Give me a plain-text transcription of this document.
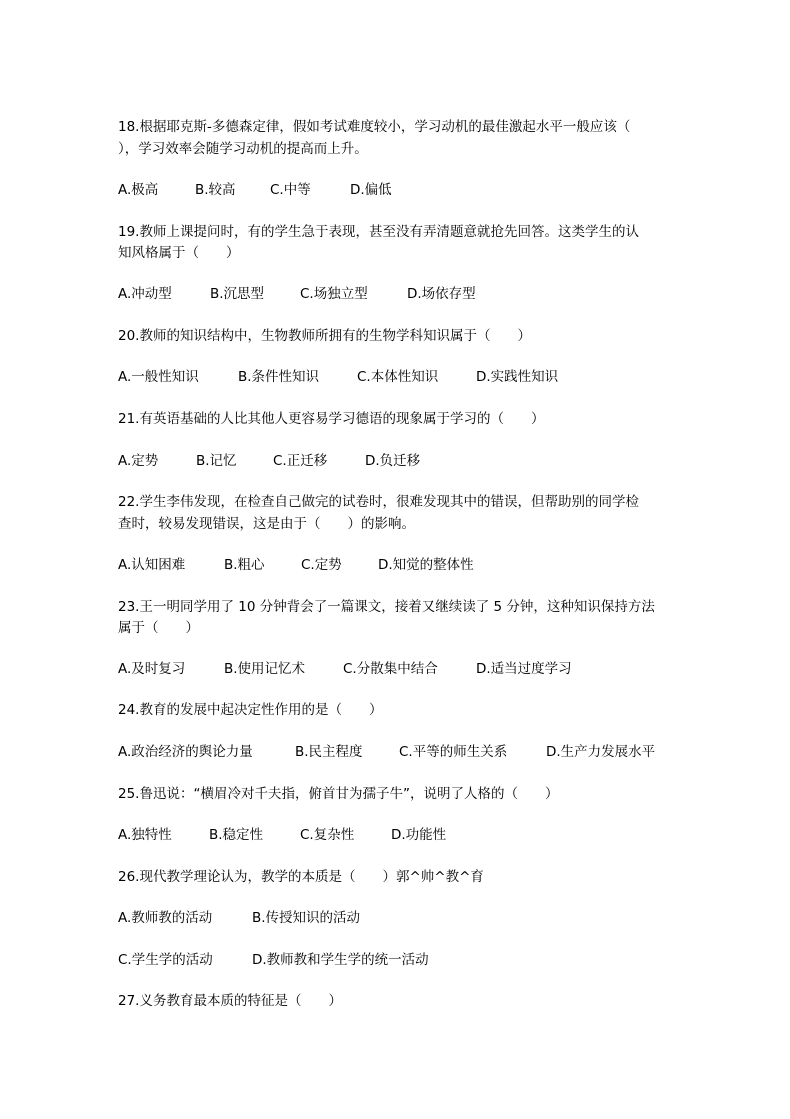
18.根据耶克斯-多德森定律，假如考试难度较小，学习动机的最佳激起水平一般应该（
），学习效率会随学习动机的提高而上升。
A.极高	B.较高	C.中等	D.偏低
19.教师上课提问时，有的学生急于表现，甚至没有弄清题意就抢先回答。这类学生的认
知风格属于（　　）
A.冲动型	B.沉思型	C.场独立型	D.场依存型
20.教师的知识结构中，生物教师所拥有的生物学科知识属于（　　）
A.一般性知识	B.条件性知识	C.本体性知识	D.实践性知识
21.有英语基础的人比其他人更容易学习德语的现象属于学习的（　　）
A.定势	B.记忆	C.正迁移	D.负迁移
22.学生李伟发现，在检查自己做完的试卷时，很难发现其中的错误，但帮助别的同学检
查时，较易发现错误，这是由于（　　）的影响。
A.认知困难	B.粗心	C.定势	D.知觉的整体性
23.王一明同学用了 10 分钟背会了一篇课文，接着又继续读了 5 分钟，这种知识保持方法
属于（　　）
A.及时复习	B.使用记忆术	C.分散集中结合	D.适当过度学习
24.教育的发展中起决定性作用的是（　　）
A.政治经济的舆论力量	B.民主程度	C.平等的师生关系	D.生产力发展水平
25.鲁迅说：“横眉冷对千夫指，俯首甘为孺子牛”，说明了人格的（　　）
A.独特性	B.稳定性	C.复杂性	D.功能性
26.现代教学理论认为，教学的本质是（　　）郭^帅^教^育
A.教师教的活动	B.传授知识的活动
C.学生学的活动	D.教师教和学生学的统一活动
27.义务教育最本质的特征是（　　）
